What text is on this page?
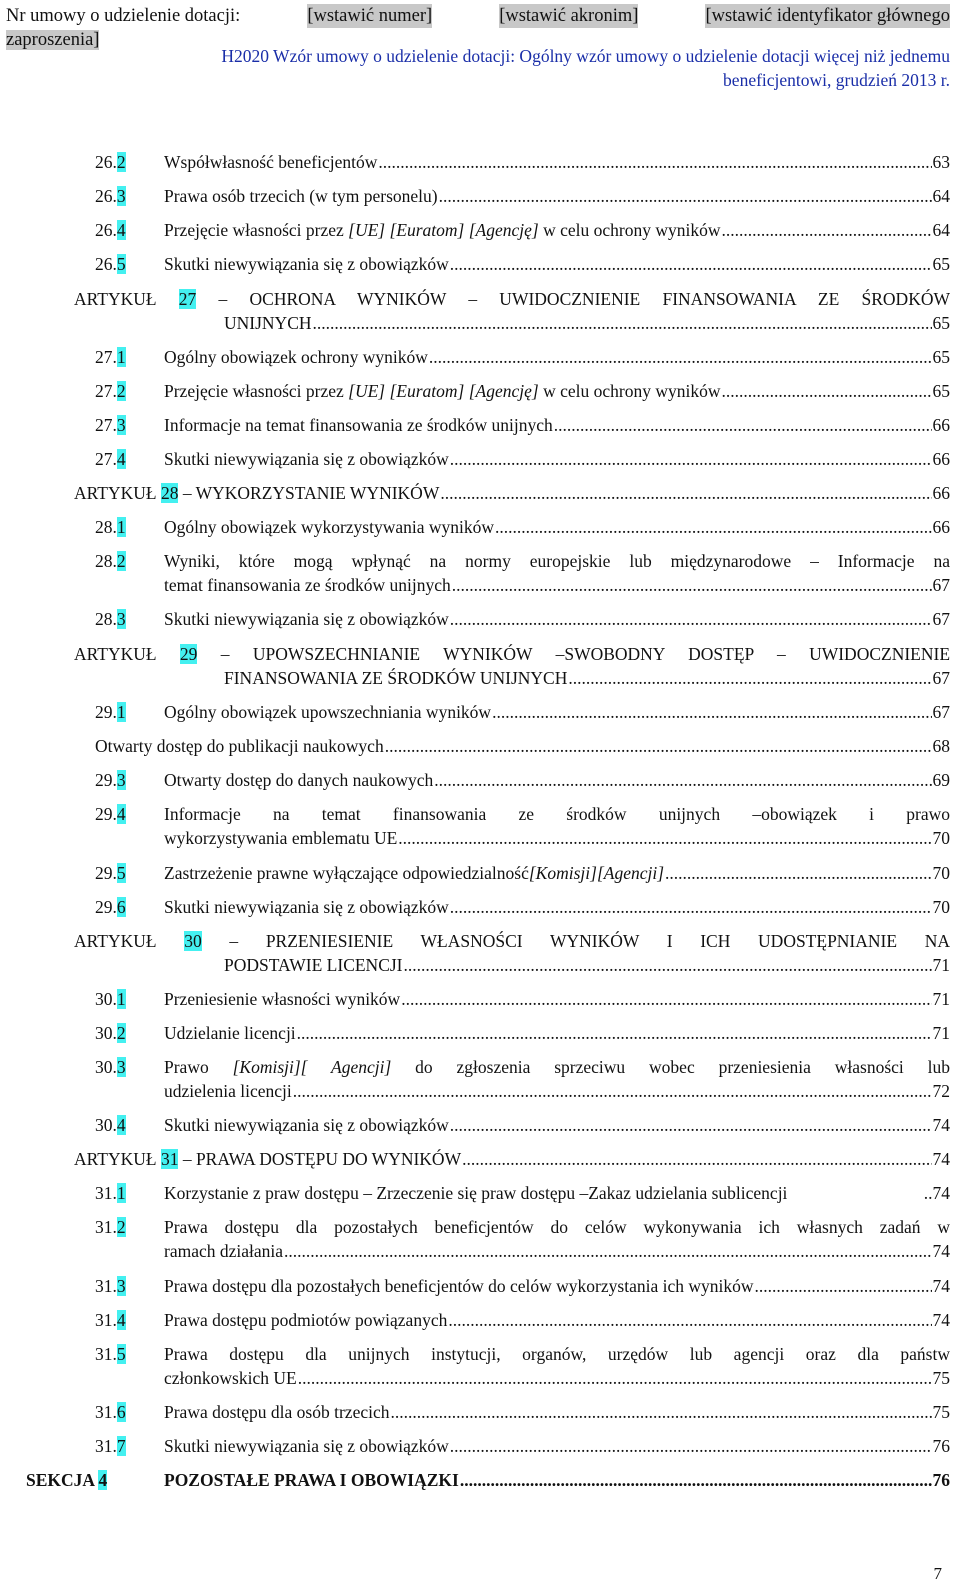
Nr umowy o udzielenie dotacji:	[wstawić numer]	[wstawić akronim]	[wstawić identyfikator głównego
zaproszenia]
H2020 Wzór umowy o udzielenie dotacji: Ogólny wzór umowy o udzielenie dotacji więcej niż jednemu
beneficjentowi, grudzień 2013 r.
26.2	Współwłasność beneficjentów .....	63
26.3	Prawa osób trzecich (w tym personelu) .....	64
26.4	Przejęcie własności przez [UE] [Euratom] [Agencję] w celu ochrony wyników .....	64
26.5	Skutki niewywiązania się z obowiązków .....	65
ARTYKUŁ 27 – OCHRONA WYNIKÓW – UWIDOCZNIENIE FINANSOWANIA ZE ŚRODKÓW
UNIJNYCH .....	65
27.1	Ogólny obowiązek ochrony wyników .....	65
27.2	Przejęcie własności przez [UE] [Euratom] [Agencję] w celu ochrony wyników .....	65
27.3	Informacje na temat finansowania ze środków unijnych .....	66
27.4	Skutki niewywiązania się z obowiązków .....	66
ARTYKUŁ 28 – WYKORZYSTANIE WYNIKÓW .....	66
28.1	Ogólny obowiązek wykorzystywania wyników .....	66
28.2	Wyniki, które mogą wpłynąć na normy europejskie lub międzynarodowe – Informacje na
temat finansowania ze środków unijnych .....	67
28.3	Skutki niewywiązania się z obowiązków .....	67
ARTYKUŁ 29 – UPOWSZECHNIANIE WYNIKÓW –SWOBODNY DOSTĘP – UWIDOCZNIENIE
FINANSOWANIA ZE ŚRODKÓW UNIJNYCH .....	67
29.1	Ogólny obowiązek upowszechniania wyników .....	67
Otwarty dostęp do publikacji naukowych .....	68
29.3	Otwarty dostęp do danych naukowych .....	69
29.4	Informacje na temat finansowania ze środków unijnych –obowiązek i prawo
wykorzystywania emblematu UE .....	70
29.5	Zastrzeżenie prawne wyłączające odpowiedzialność[Komisji][Agencji] .....	70
29.6	Skutki niewywiązania się z obowiązków .....	70
ARTYKUŁ 30 – PRZENIESIENIE WŁASNOŚCI WYNIKÓW I ICH UDOSTĘPNIANIE NA
PODSTAWIE LICENCJI .....	71
30.1	Przeniesienie własności wyników .....	71
30.2	Udzielanie licencji .....	71
30.3	Prawo [Komisji][ Agencji] do zgłoszenia sprzeciwu wobec przeniesienia własności lub
udzielenia licencji .....	72
30.4	Skutki niewywiązania się z obowiązków .....	74
ARTYKUŁ 31 – PRAWA DOSTĘPU DO WYNIKÓW .....	74
31.1	Korzystanie z praw dostępu – Zrzeczenie się praw dostępu –Zakaz udzielania sublicencji	..74
31.2	Prawa dostępu dla pozostałych beneficjentów do celów wykonywania ich własnych zadań w
ramach działania .....	74
31.3	Prawa dostępu dla pozostałych beneficjentów do celów wykorzystania ich wyników .....	74
31.4	Prawa dostępu podmiotów powiązanych .....	74
31.5	Prawa dostępu dla unijnych instytucji, organów, urzędów lub agencji oraz dla państw
członkowskich UE .....	75
31.6	Prawa dostępu dla osób trzecich .....	75
31.7	Skutki niewywiązania się z obowiązków .....	76
SEKCJA 4	POZOSTAŁE PRAWA I OBOWIĄZKI .....	76
7
